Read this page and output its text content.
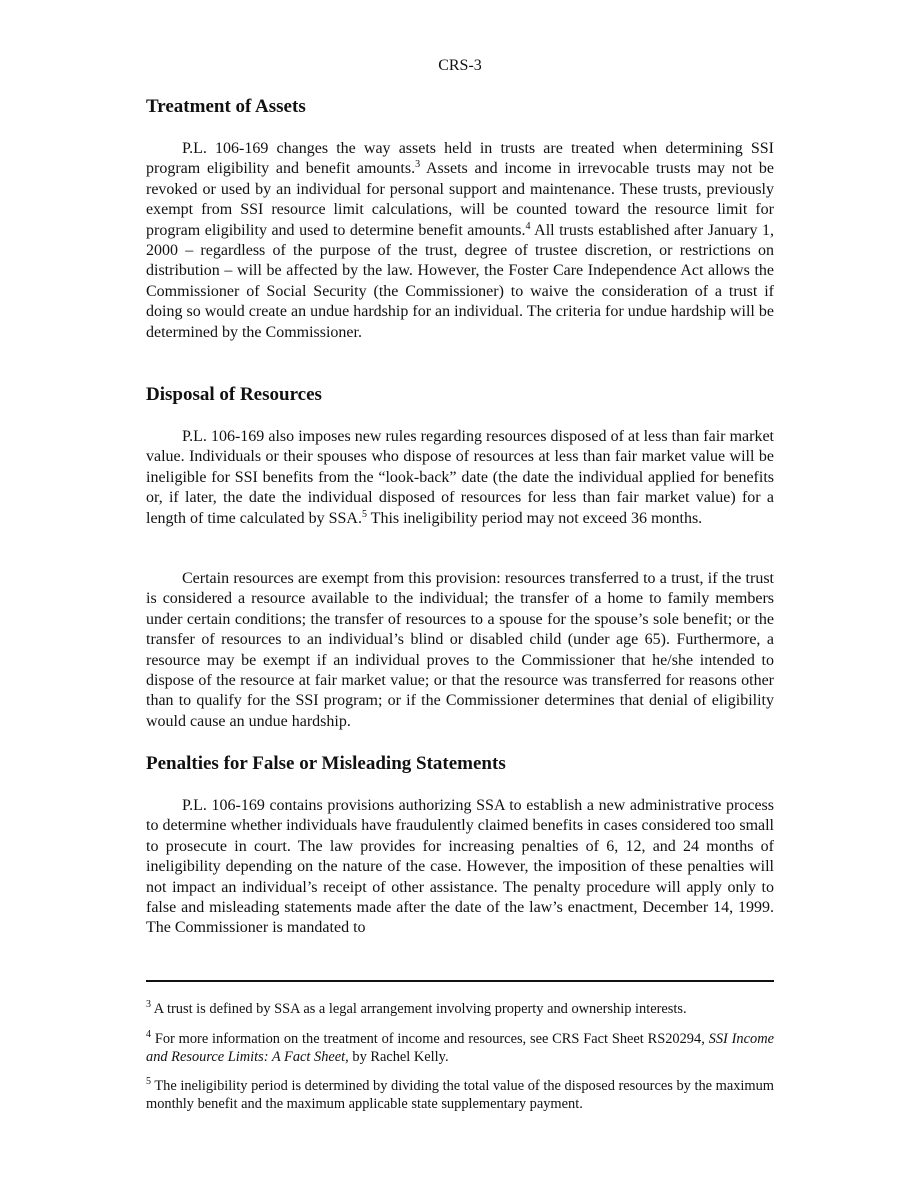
CRS-3
Treatment of Assets

P.L. 106-169 changes the way assets held in trusts are treated when determining SSI program eligibility and benefit amounts.$^3$ Assets and income in irrevocable trusts may not be revoked or used by an individual for personal support and maintenance. These trusts, previously exempt from SSI resource limit calculations, will be counted toward the resource limit for program eligibility and used to determine benefit amounts.$^4$ All trusts established after January 1, 2000 – regardless of the purpose of the trust, degree of trustee discretion, or restrictions on distribution – will be affected by the law. However, the Foster Care Independence Act allows the Commissioner of Social Security (the Commissioner) to waive the consideration of a trust if doing so would create an undue hardship for an individual. The criteria for undue hardship will be determined by the Commissioner.

Disposal of Resources

P.L. 106-169 also imposes new rules regarding resources disposed of at less than fair market value. Individuals or their spouses who dispose of resources at less than fair market value will be ineligible for SSI benefits from the “look-back” date (the date the individual applied for benefits or, if later, the date the individual disposed of resources for less than fair market value) for a length of time calculated by SSA.$^5$ This ineligibility period may not exceed 36 months.

Certain resources are exempt from this provision: resources transferred to a trust, if the trust is considered a resource available to the individual; the transfer of a home to family members under certain conditions; the transfer of resources to a spouse for the spouse’s sole benefit; or the transfer of resources to an individual’s blind or disabled child (under age 65). Furthermore, a resource may be exempt if an individual proves to the Commissioner that he/she intended to dispose of the resource at fair market value; or that the resource was transferred for reasons other than to qualify for the SSI program; or if the Commissioner determines that denial of eligibility would cause an undue hardship.

Penalties for False or Misleading Statements

P.L. 106-169 contains provisions authorizing SSA to establish a new administrative process to determine whether individuals have fraudulently claimed benefits in cases considered too small to prosecute in court. The law provides for increasing penalties of 6, 12, and 24 months of ineligibility depending on the nature of the case. However, the imposition of these penalties will not impact an individual’s receipt of other assistance. The penalty procedure will apply only to false and misleading statements made after the date of the law’s enactment, December 14, 1999. The Commissioner is mandated to

$^3$ A trust is defined by SSA as a legal arrangement involving property and ownership interests.

$^4$ For more information on the treatment of income and resources, see CRS Fact Sheet RS20294, SSI Income and Resource Limits: A Fact Sheet, by Rachel Kelly.

$^5$ The ineligibility period is determined by dividing the total value of the disposed resources by the maximum monthly benefit and the maximum applicable state supplementary payment.
